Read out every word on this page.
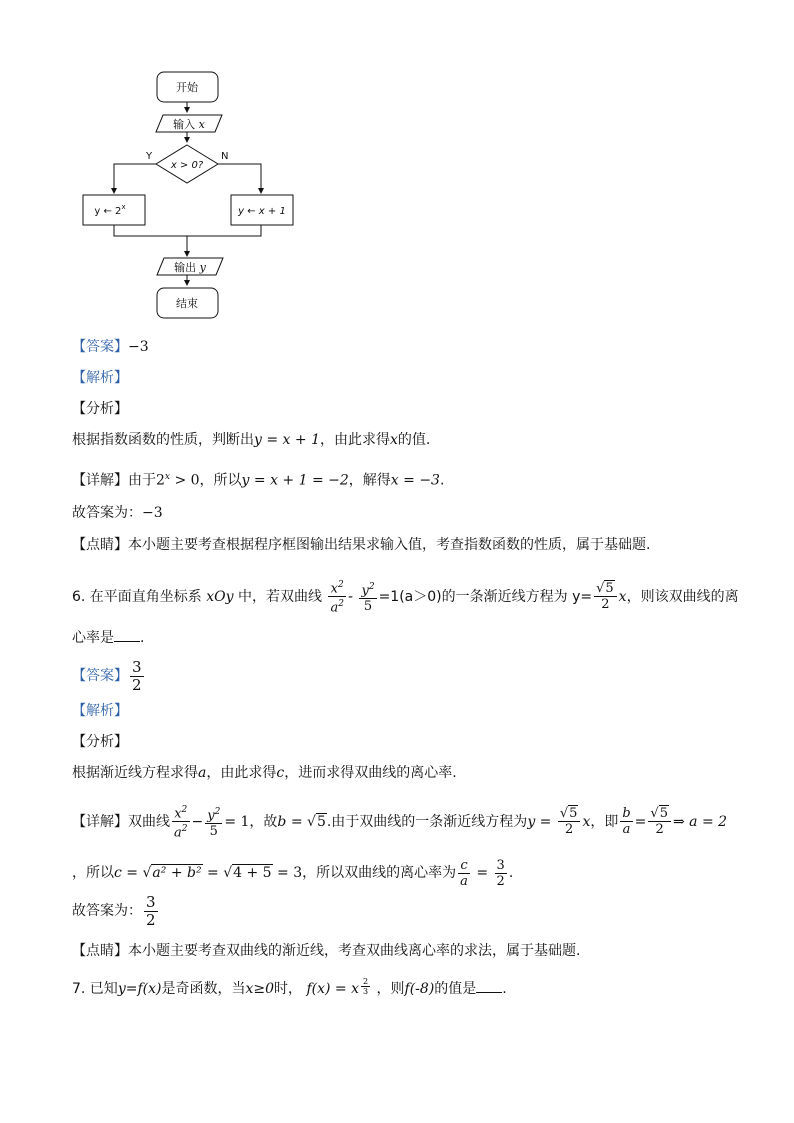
开始
输入 x
x > 0?
Y	N
y ← 2$^x$	y ← x + 1
输出 y
结束
【答案】−3
【解析】
【分析】
根据指数函数的性质，判断出y = x + 1，由此求得x的值.
【详解】由于$2^x > 0$，所以y = x + 1 = −2，解得x = −3.
故答案为：−3
【点睛】本小题主要考查根据程序框图输出结果求输入值，考查指数函数的性质，属于基础题.
6. 在平面直角坐标系 xOy 中，若双曲线 $\frac{x^2}{a^2} - \frac{y^2}{5} =1(a>0)$的一条渐近线方程为 $y= \frac{√5}{2}$ x，则该双曲线的离
心率是 .
【答案】 $\frac{3}{2}$
【解析】
【分析】
根据渐近线方程求得a，由此求得c，进而求得双曲线的离心率.
【详解】双曲线 $\frac{x^2}{a^2} - \frac{y^2}{5} = 1$，故b = √5.由于双曲线的一条渐近线方程为$y = \frac{√5}{2}$ x，即 $\frac{b}{a} = \frac{√5}{2}$ ⇒ a = 2
，所以c = √a² + b² = √4 + 5 = 3，所以双曲线的离心率为 $\frac{c}{a} = \frac{3}{2}$ .
故答案为： $\frac{3}{2}$
【点睛】本小题主要考查双曲线的渐近线，考查双曲线离心率的求法，属于基础题.
7. 已知y=f(x)是奇函数，当x≥0时， f(x) = x $\frac{2}{3}$ ，则f(-8)的值是 .
